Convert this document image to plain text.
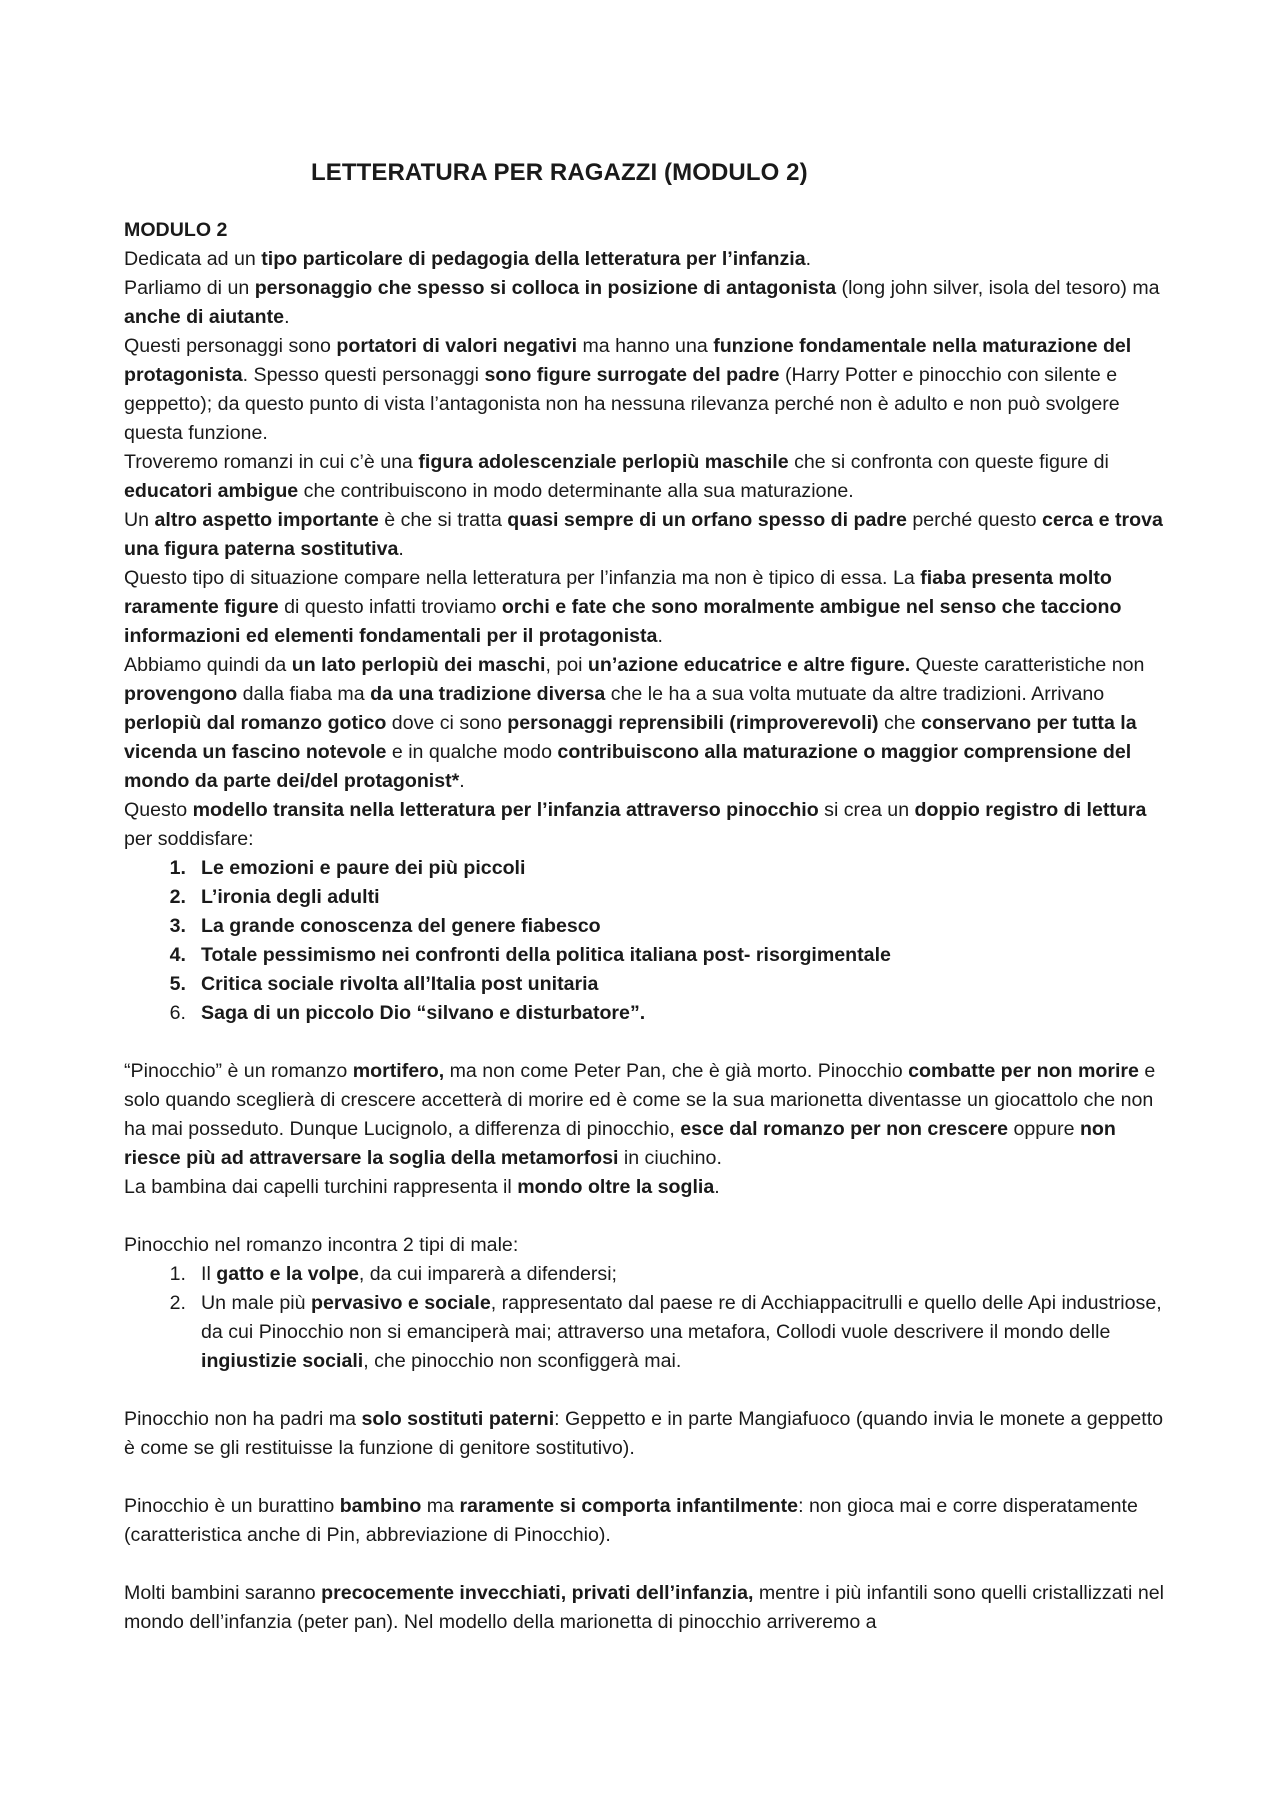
LETTERATURA PER RAGAZZI (MODULO 2)
MODULO 2

Dedicata ad un tipo particolare di pedagogia della letteratura per l’infanzia.

Parliamo di un personaggio che spesso si colloca in posizione di antagonista (long john silver, isola del tesoro) ma anche di aiutante.

Questi personaggi sono portatori di valori negativi ma hanno una funzione fondamentale nella maturazione del protagonista. Spesso questi personaggi sono figure surrogate del padre (Harry Potter e pinocchio con silente e geppetto); da questo punto di vista l’antagonista non ha nessuna rilevanza perché non è adulto e non può svolgere questa funzione.

Troveremo romanzi in cui c’è una figura adolescenziale perlopiù maschile che si confronta con queste figure di educatori ambigue che contribuiscono in modo determinante alla sua maturazione.

Un altro aspetto importante è che si tratta quasi sempre di un orfano spesso di padre perché questo cerca e trova una figura paterna sostitutiva.

Questo tipo di situazione compare nella letteratura per l’infanzia ma non è tipico di essa. La fiaba presenta molto raramente figure di questo infatti troviamo orchi e fate che sono moralmente ambigue nel senso che tacciono informazioni ed elementi fondamentali per il protagonista.

Abbiamo quindi da un lato perlopiù dei maschi, poi un’azione educatrice e altre figure. Queste caratteristiche non provengono dalla fiaba ma da una tradizione diversa che le ha a sua volta mutuate da altre tradizioni. Arrivano perlopiù dal romanzo gotico dove ci sono personaggi reprensibili (rimproverevoli) che conservano per tutta la vicenda un fascino notevole e in qualche modo contribuiscono alla maturazione o maggior comprensione del mondo da parte dei/del protagonist*.

Questo modello transita nella letteratura per l’infanzia attraverso pinocchio si crea un doppio registro di lettura per soddisfare:

1. Le emozioni e paure dei più piccoli
2. L’ironia degli adulti
3. La grande conoscenza del genere fiabesco
4. Totale pessimismo nei confronti della politica italiana post- risorgimentale
5. Critica sociale rivolta all’Italia post unitaria
6. Saga di un piccolo Dio “silvano e disturbatore”.

“Pinocchio” è un romanzo mortifero, ma non come Peter Pan, che è già morto. Pinocchio combatte per non morire e solo quando sceglierà di crescere accetterà di morire ed è come se la sua marionetta diventasse un giocattolo che non ha mai posseduto. Dunque Lucignolo, a differenza di pinocchio, esce dal romanzo per non crescere oppure non riesce più ad attraversare la soglia della metamorfosi in ciuchino.

La bambina dai capelli turchini rappresenta il mondo oltre la soglia.

Pinocchio nel romanzo incontra 2 tipi di male:

1. Il gatto e la volpe, da cui imparerà a difendersi;
2. Un male più pervasivo e sociale, rappresentato dal paese re di Acchiappacitrulli e quello delle Api industriose, da cui Pinocchio non si emanciperà mai; attraverso una metafora, Collodi vuole descrivere il mondo delle ingiustizie sociali, che pinocchio non sconfiggerà mai.

Pinocchio non ha padri ma solo sostituti paterni: Geppetto e in parte Mangiafuoco (quando invia le monete a geppetto è come se gli restituisse la funzione di genitore sostitutivo).

Pinocchio è un burattino bambino ma raramente si comporta infantilmente: non gioca mai e corre disperatamente (caratteristica anche di Pin, abbreviazione di Pinocchio).

Molti bambini saranno precocemente invecchiati, privati dell’infanzia, mentre i più infantili sono quelli cristallizzati nel mondo dell’infanzia (peter pan). Nel modello della marionetta di pinocchio arriveremo a
